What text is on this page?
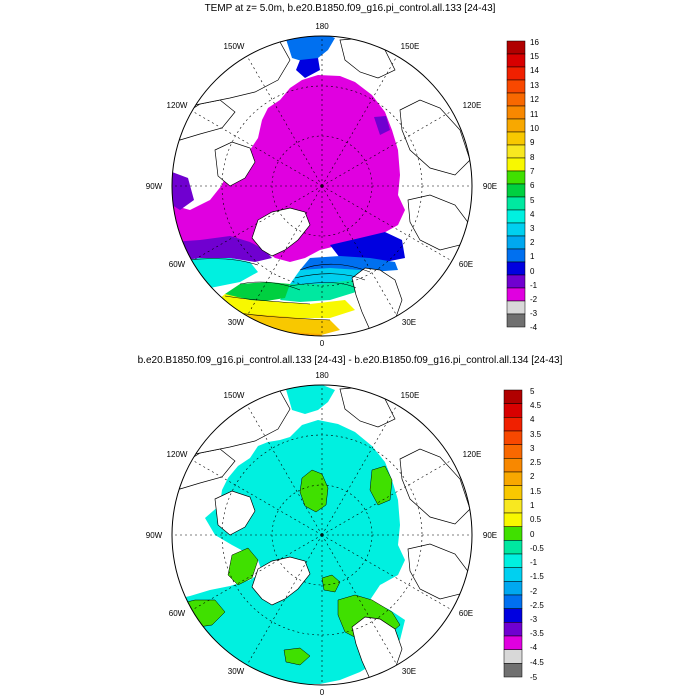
TEMP at z= 5.0m, b.e20.B1850.f09_g16.pi_control.all.133 [24-43]
b.e20.B1850.f09_g16.pi_control.all.133 [24-43] - b.e20.B1850.f09_g16.pi_control.all.134 [24-43]
180
150E
120E
90E
60E
30E
0
30W
60W
90W
120W
150W	16
15
14
13
12
11
10
9
8
7
6
5
4
3
2
1
0
-1
-2
-3
-4
180
150E
120E
90E
60E
30E
0
30W
60W
90W
120W
150W	5
4.5
4
3.5
3
2.5
2
1.5
1
0.5
0
-0.5
-1
-1.5
-2
-2.5
-3
-3.5
-4
-4.5
-5
